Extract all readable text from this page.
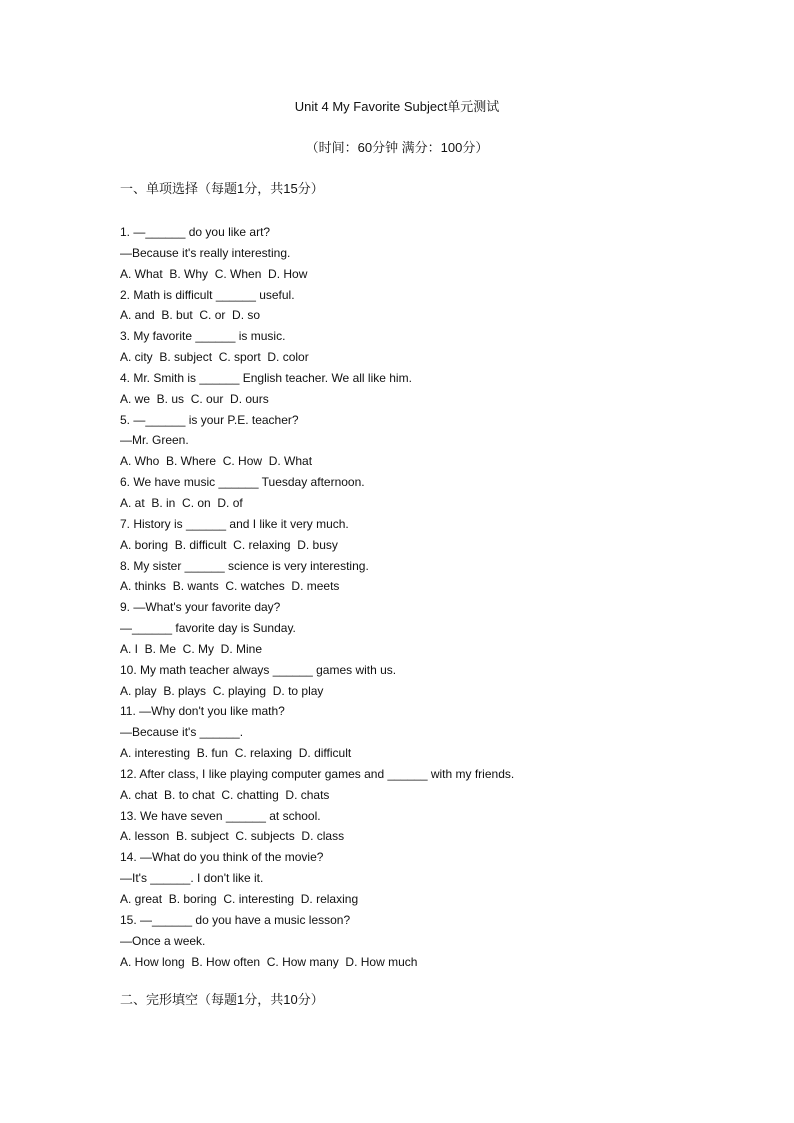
Unit 4 My Favorite Subject单元测试
（时间：60分钟 满分：100分）
一、单项选择（每题1分，共15分）
1. —______ do you like art?
—Because it's really interesting.
A. What  B. Why  C. When  D. How
2. Math is difficult ______ useful.
A. and  B. but  C. or  D. so
3. My favorite ______ is music.
A. city  B. subject  C. sport  D. color
4. Mr. Smith is ______ English teacher. We all like him.
A. we  B. us  C. our  D. ours
5. —______ is your P.E. teacher?
—Mr. Green.
A. Who  B. Where  C. How  D. What
6. We have music ______ Tuesday afternoon.
A. at  B. in  C. on  D. of
7. History is ______ and I like it very much.
A. boring  B. difficult  C. relaxing  D. busy
8. My sister ______ science is very interesting.
A. thinks  B. wants  C. watches  D. meets
9. —What's your favorite day?
—______ favorite day is Sunday.
A. I  B. Me  C. My  D. Mine
10. My math teacher always ______ games with us.
A. play  B. plays  C. playing  D. to play
11. —Why don't you like math?
—Because it's ______.
A. interesting  B. fun  C. relaxing  D. difficult
12. After class, I like playing computer games and ______ with my friends.
A. chat  B. to chat  C. chatting  D. chats
13. We have seven ______ at school.
A. lesson  B. subject  C. subjects  D. class
14. —What do you think of the movie?
—It's ______. I don't like it.
A. great  B. boring  C. interesting  D. relaxing
15. —______ do you have a music lesson?
—Once a week.
A. How long  B. How often  C. How many  D. How much
二、完形填空（每题1分，共10分）
